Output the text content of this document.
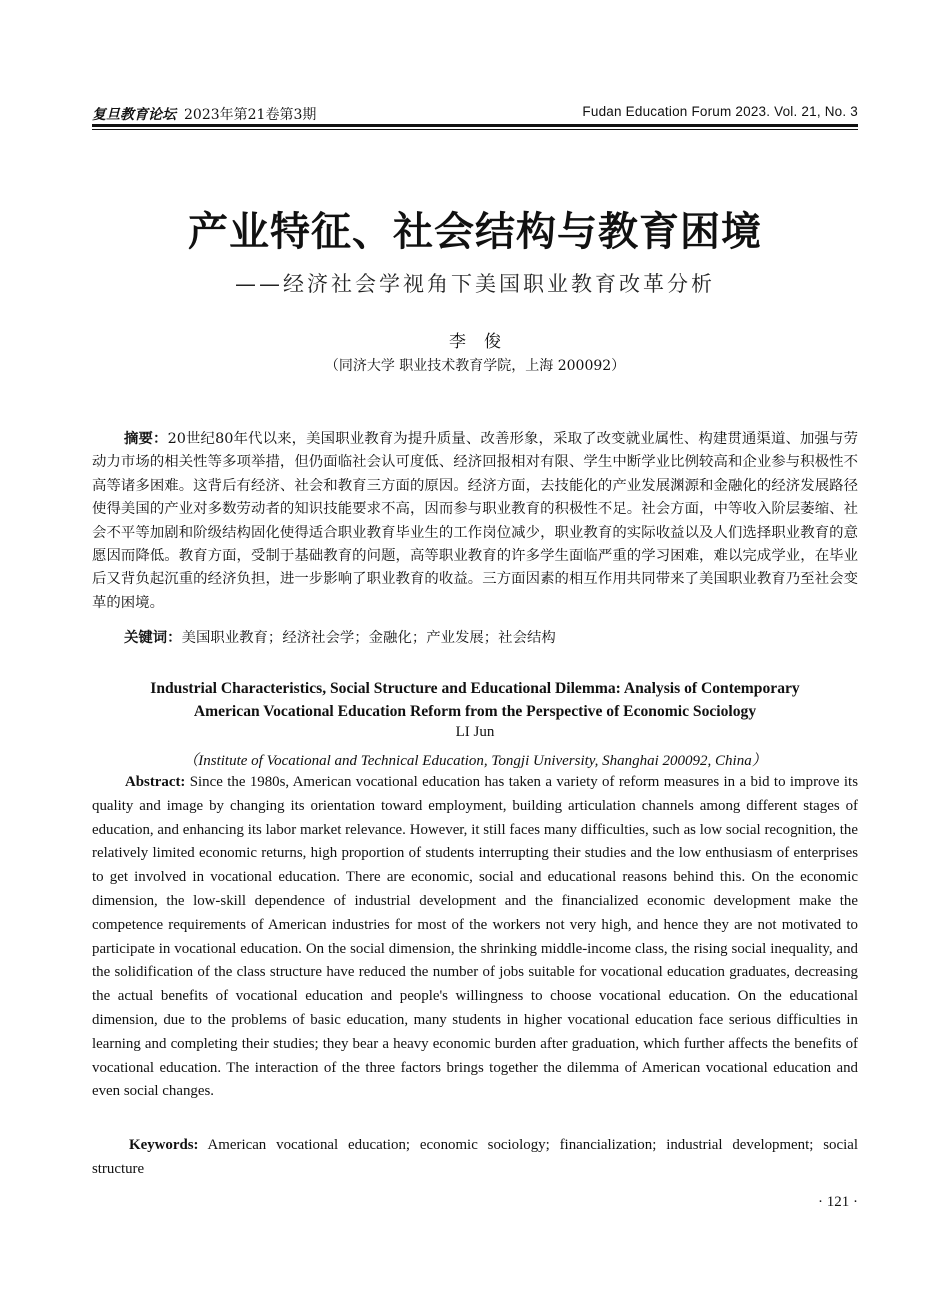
复旦教育论坛 2023年第21卷第3期	Fudan Education Forum 2023. Vol. 21, No. 3
产业特征、社会结构与教育困境
——经济社会学视角下美国职业教育改革分析
李俊
（同济大学 职业技术教育学院，上海 200092）

摘要：20世纪80年代以来，美国职业教育为提升质量、改善形象，采取了改变就业属性、构建贯通渠道、加强与劳动力市场的相关性等多项举措，但仍面临社会认可度低、经济回报相对有限、学生中断学业比例较高和企业参与积极性不高等诸多困难。这背后有经济、社会和教育三方面的原因。经济方面，去技能化的产业发展渊源和金融化的经济发展路径使得美国的产业对多数劳动者的知识技能要求不高，因而参与职业教育的积极性不足。社会方面，中等收入阶层萎缩、社会不平等加剧和阶级结构固化使得适合职业教育毕业生的工作岗位减少，职业教育的实际收益以及人们选择职业教育的意愿因而降低。教育方面，受制于基础教育的问题，高等职业教育的许多学生面临严重的学习困难，难以完成学业，在毕业后又背负起沉重的经济负担，进一步影响了职业教育的收益。三方面因素的相互作用共同带来了美国职业教育乃至社会变革的困境。

关键词：美国职业教育；经济社会学；金融化；产业发展；社会结构
Industrial Characteristics, Social Structure and Educational Dilemma: Analysis of Contemporary
American Vocational Education Reform from the Perspective of Economic Sociology
LI Jun
（Institute of Vocational and Technical Education, Tongji University, Shanghai 200092, China）

Abstract: Since the 1980s, American vocational education has taken a variety of reform measures in a bid to improve its quality and image by changing its orientation toward employment, building articulation channels among different stages of education, and enhancing its labor market relevance. However, it still faces many difficulties, such as low social recognition, the relatively limited economic returns, high proportion of students interrupting their studies and the low enthusiasm of enterprises to get involved in vocational education. There are economic, social and educational reasons behind this. On the economic dimension, the low-skill dependence of industrial development and the financialized economic development make the competence requirements of American industries for most of the workers not very high, and hence they are not motivated to participate in vocational education. On the social dimension, the shrinking middle-income class, the rising social inequality, and the solidification of the class structure have reduced the number of jobs suitable for vocational education graduates, decreasing the actual benefits of vocational education and people's willingness to choose vocational education. On the educational dimension, due to the problems of basic education, many students in higher vocational education face serious difficulties in learning and completing their studies; they bear a heavy economic burden after graduation, which further affects the benefits of vocational education. The interaction of the three factors brings together the dilemma of American vocational education and even social changes.

Keywords: American vocational education; economic sociology; financialization; industrial development; social structure

· 121 ·
